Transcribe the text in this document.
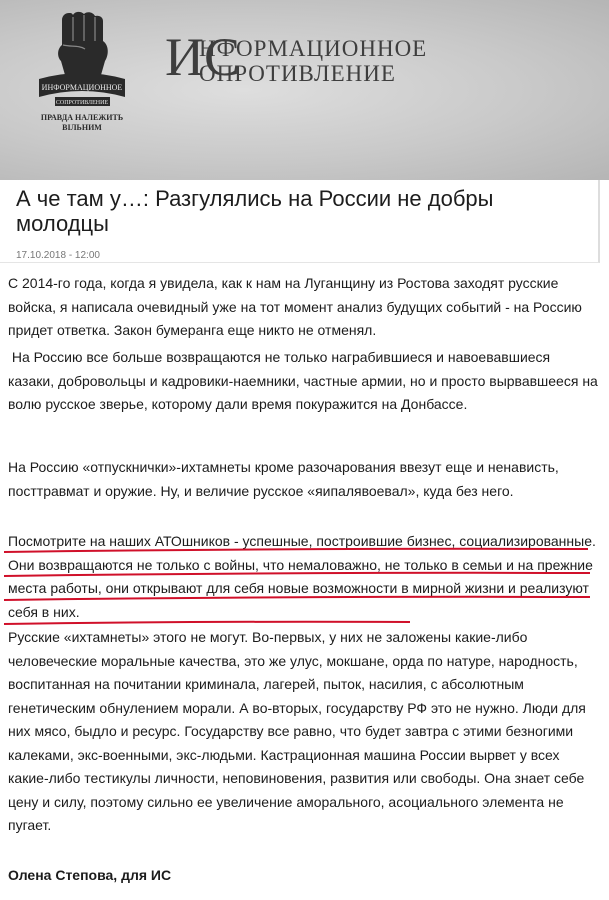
ИНФОРМАЦИОННОЕ
СОПРОТИВЛЕНИЕ
ПРАВДА НАЛЕЖИТЬ
ВІЛЬНИМ
ИС
НФОРМАЦИОННОЕ
ОПРОТИВЛЕНИЕ
А че там у…: Разгулялись на России не добры молодцы
17.10.2018 - 12:00

С 2014-го года, когда я увидела, как к нам на Луганщину из Ростова заходят русские войска, я написала очевидный уже на тот момент анализ будущих событий - на Россию придет ответка. Закон бумеранга еще никто не отменял.

На Россию все больше возвращаются не только награбившиеся и навоевавшиеся казаки, добровольцы и кадровики-наемники, частные армии, но и просто вырвавшееся на волю русское зверье, которому дали время покуражится на Донбассе.

На Россию «отпускнички»-ихтамнеты кроме разочарования ввезут еще и ненависть, посттравмат и оружие. Ну, и величие русское «яипалявоевал», куда без него.

Посмотрите на наших АТОшников - успешные, построившие бизнес, социализированные. Они возвращаются не только с войны, что немаловажно, не только в семьи и на прежние места работы, они открывают для себя новые возможности в мирной жизни и реализуют себя в них.

Русские «ихтамнеты» этого не могут. Во-первых, у них не заложены какие-либо человеческие моральные качества, это же улус, мокшане, орда по натуре, народность, воспитанная на почитании криминала, лагерей, пыток, насилия, с абсолютным генетическим обнулением морали. А во-вторых, государству РФ это не нужно. Люди для них мясо, быдло и ресурс. Государству все равно, что будет завтра с этими безногими калеками, экс-военными, экс-людьми. Кастрационная машина России вырвет у всех какие-либо тестикулы личности, неповиновения, развития или свободы. Она знает себе цену и силу, поэтому сильно ее увеличение аморального, асоциального элемента не пугает.

Олена Степова, для ИС
